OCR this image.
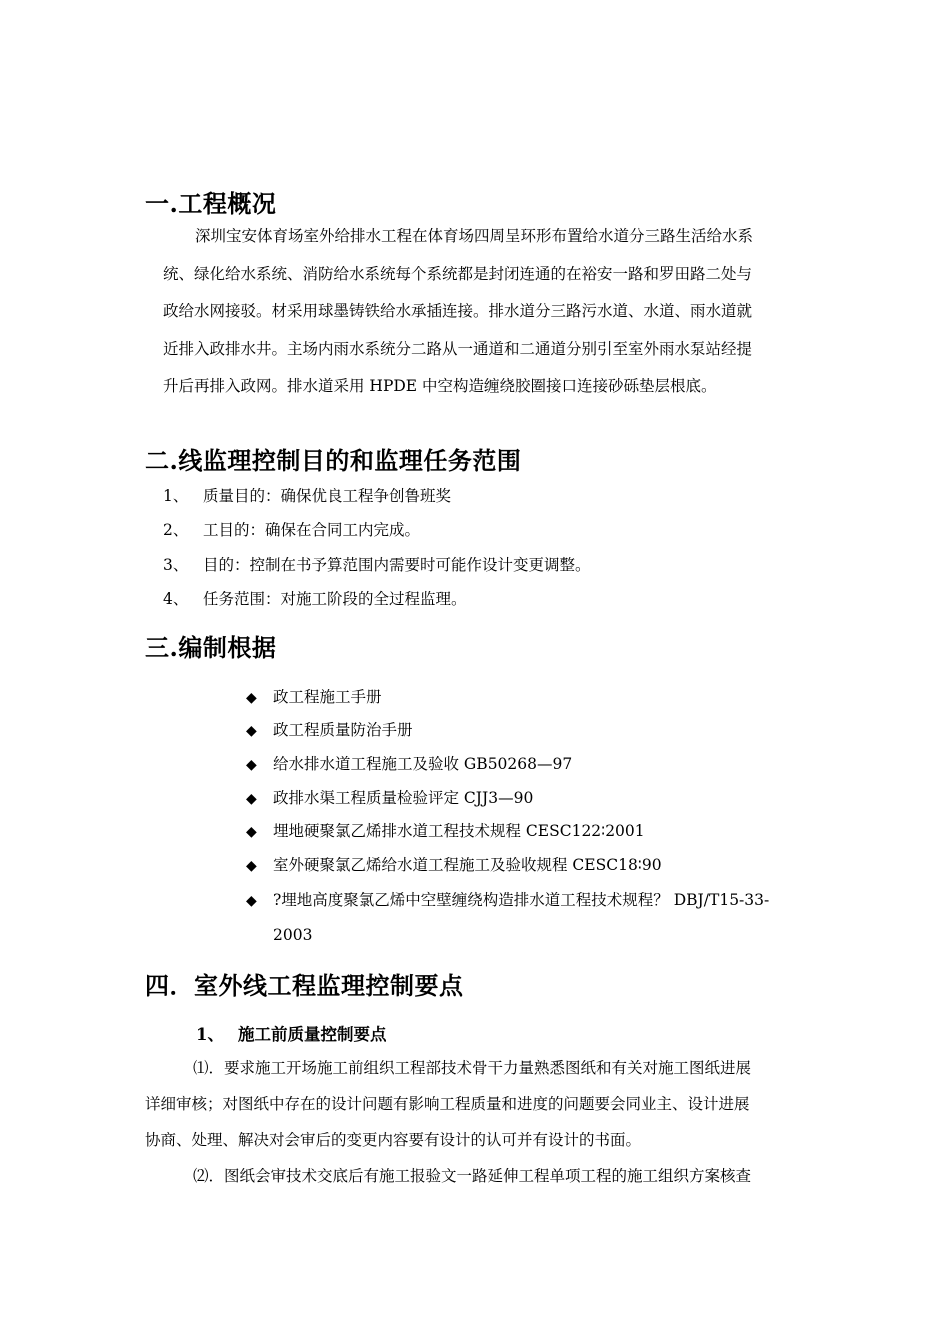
一.工程概况
深圳宝安体育场室外给排水工程在体育场四周呈环形布置给水道分三路生活给水系
统、绿化给水系统、消防给水系统每个系统都是封闭连通的在裕安一路和罗田路二处与
政给水网接驳。材采用球墨铸铁给水承插连接。排水道分三路污水道、水道、雨水道就
近排入政排水井。主场内雨水系统分二路从一通道和二通道分别引至室外雨水泵站经提
升后再排入政网。排水道采用 HPDE 中空构造缠绕胶圈接口连接砂砾垫层根底。
二.线监理控制目的和监理任务范围
1、 质量目的：确保优良工程争创鲁班奖
2、 工目的：确保在合同工内完成。
3、 目的：控制在书予算范围内需要时可能作设计变更调整。
4、 任务范围：对施工阶段的全过程监理。
三.编制根据
◆ 政工程施工手册
◆ 政工程质量防治手册
◆ 给水排水道工程施工及验收 GB50268—97
◆ 政排水渠工程质量检验评定 CJJ3—90
◆ 埋地硬聚氯乙烯排水道工程技术规程 CESC122∶2001
◆ 室外硬聚氯乙烯给水道工程施工及验收规程 CESC18∶90
◆ ?埋地高度聚氯乙烯中空壁缠绕构造排水道工程技术规程？ DBJ/T15-33-
2003
四．室外线工程监理控制要点
1、 施工前质量控制要点
⑴．要求施工开场施工前组织工程部技术骨干力量熟悉图纸和有关对施工图纸进展
详细审核；对图纸中存在的设计问题有影响工程质量和进度的问题要会同业主、设计进展
协商、处理、解决对会审后的变更内容要有设计的认可并有设计的书面。
⑵．图纸会审技术交底后有施工报验文一路延伸工程单项工程的施工组织方案核查
